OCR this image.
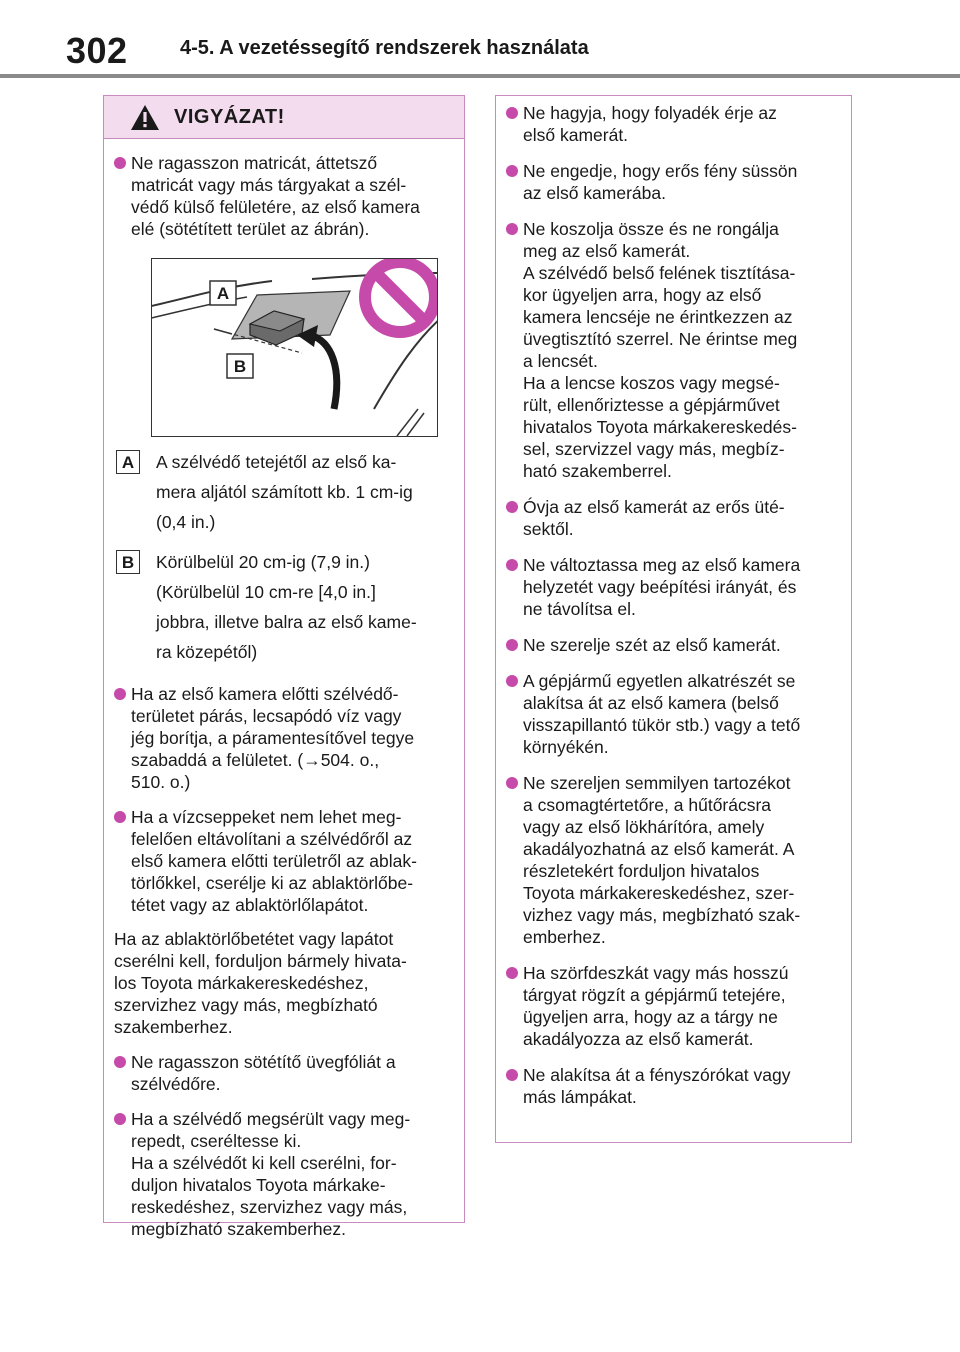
302	4-5. A vezetéssegítő rendszerek használata
VIGYÁZAT!
Ne ragasszon matricát, áttetsző
matricát vagy más tárgyakat a szél-
védő külső felületére, az első kamera
elé (sötétített terület az ábrán).
A
B
A	A szélvédő tetejétől az első ka-
mera aljától számított kb. 1 cm-ig
(0,4 in.)
B	Körülbelül 20 cm-ig (7,9 in.)
(Körülbelül 10 cm-re [4,0 in.]
jobbra, illetve balra az első kame-
ra közepétől)
Ha az első kamera előtti szélvédő-
területet párás, lecsapódó víz vagy
jég borítja, a páramentesítővel tegye
szabaddá a felületet. (→504. o.,
510. o.)
Ha a vízcseppeket nem lehet meg-
felelően eltávolítani a szélvédőről az
első kamera előtti területről az ablak-
törlőkkel, cserélje ki az ablaktörlőbe-
tétet vagy az ablaktörlőlapátot.
Ha az ablaktörlőbetétet vagy lapátot
cserélni kell, forduljon bármely hivata-
los Toyota márkakereskedéshez,
szervizhez vagy más, megbízható
szakemberhez.
Ne ragasszon sötétítő üvegfóliát a
szélvédőre.
Ha a szélvédő megsérült vagy meg-
repedt, cseréltesse ki.
Ha a szélvédőt ki kell cserélni, for-
duljon hivatalos Toyota márkake-
reskedéshez, szervizhez vagy más,
megbízható szakemberhez.
Ne hagyja, hogy folyadék érje az
első kamerát.
Ne engedje, hogy erős fény süssön
az első kamerába.
Ne koszolja össze és ne rongálja
meg az első kamerát.
A szélvédő belső felének tisztítása-
kor ügyeljen arra, hogy az első
kamera lencséje ne érintkezzen az
üvegtisztító szerrel. Ne érintse meg
a lencsét.
Ha a lencse koszos vagy megsé-
rült, ellenőriztesse a gépjárművet
hivatalos Toyota márkakereskedés-
sel, szervizzel vagy más, megbíz-
ható szakemberrel.
Óvja az első kamerát az erős üté-
sektől.
Ne változtassa meg az első kamera
helyzetét vagy beépítési irányát, és
ne távolítsa el.
Ne szerelje szét az első kamerát.
A gépjármű egyetlen alkatrészét se
alakítsa át az első kamera (belső
visszapillantó tükör stb.) vagy a tető
környékén.
Ne szereljen semmilyen tartozékot
a csomagtértetőre, a hűtőrácsra
vagy az első lökhárítóra, amely
akadályozhatná az első kamerát. A
részletekért forduljon hivatalos
Toyota márkakereskedéshez, szer-
vizhez vagy más, megbízható szak-
emberhez.
Ha szörfdeszkát vagy más hosszú
tárgyat rögzít a gépjármű tetejére,
ügyeljen arra, hogy az a tárgy ne
akadályozza az első kamerát.
Ne alakítsa át a fényszórókat vagy
más lámpákat.
